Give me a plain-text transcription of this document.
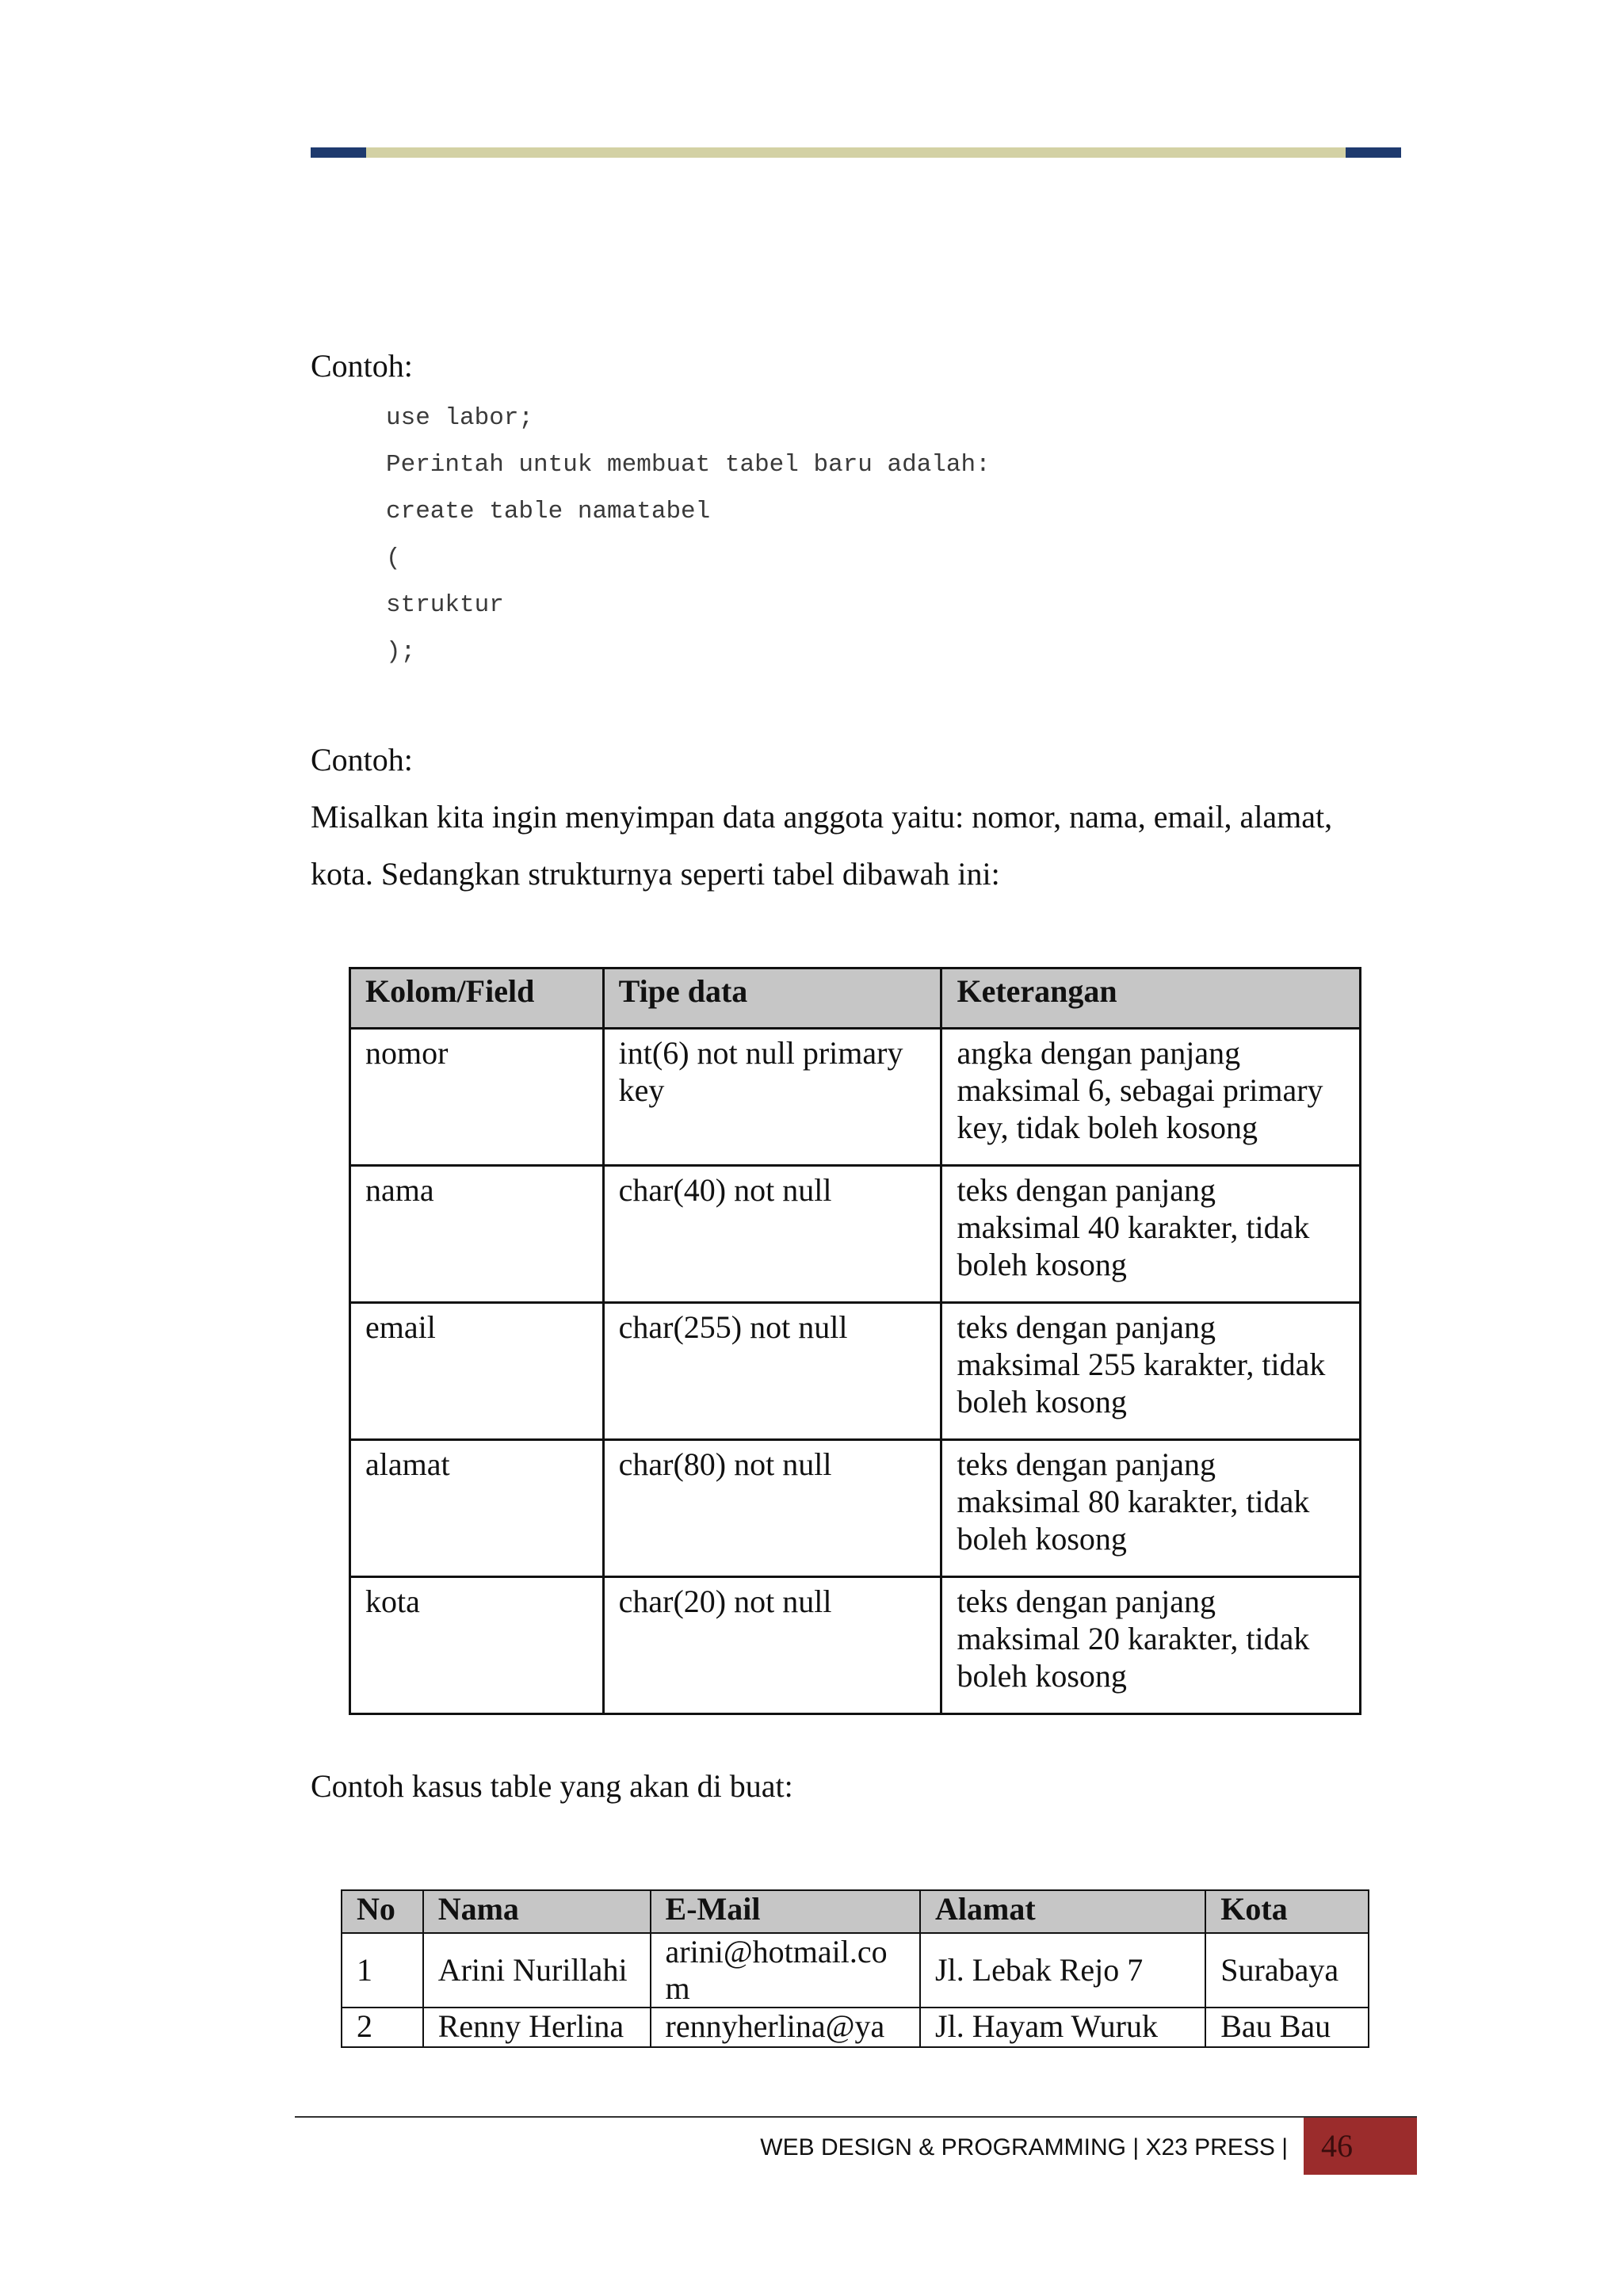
Contoh:
use labor;
Perintah untuk membuat tabel baru adalah:
create table namatabel
(
struktur
);
Contoh:
Misalkan kita ingin menyimpan data anggota yaitu: nomor, nama, email, alamat,
kota. Sedangkan strukturnya seperti tabel dibawah ini:
Kolom/Field	Tipe data	Keterangan
nomor	int(6) not null primary key	angka dengan panjang maksimal 6, sebagai primary key, tidak boleh kosong
nama	char(40) not null	teks dengan panjang maksimal 40 karakter, tidak boleh kosong
email	char(255) not null	teks dengan panjang maksimal 255 karakter, tidak boleh kosong
alamat	char(80) not null	teks dengan panjang maksimal 80 karakter, tidak boleh kosong
kota	char(20) not null	teks dengan panjang maksimal 20 karakter, tidak boleh kosong
Contoh kasus table yang akan di buat:
No	Nama	E-Mail	Alamat	Kota
1	Arini Nurillahi	arini@hotmail.com	Jl. Lebak Rejo 7	Surabaya
2	Renny Herlina	rennyherlina@ya	Jl. Hayam Wuruk	Bau Bau
WEB DESIGN & PROGRAMMING | X23 PRESS |	46
